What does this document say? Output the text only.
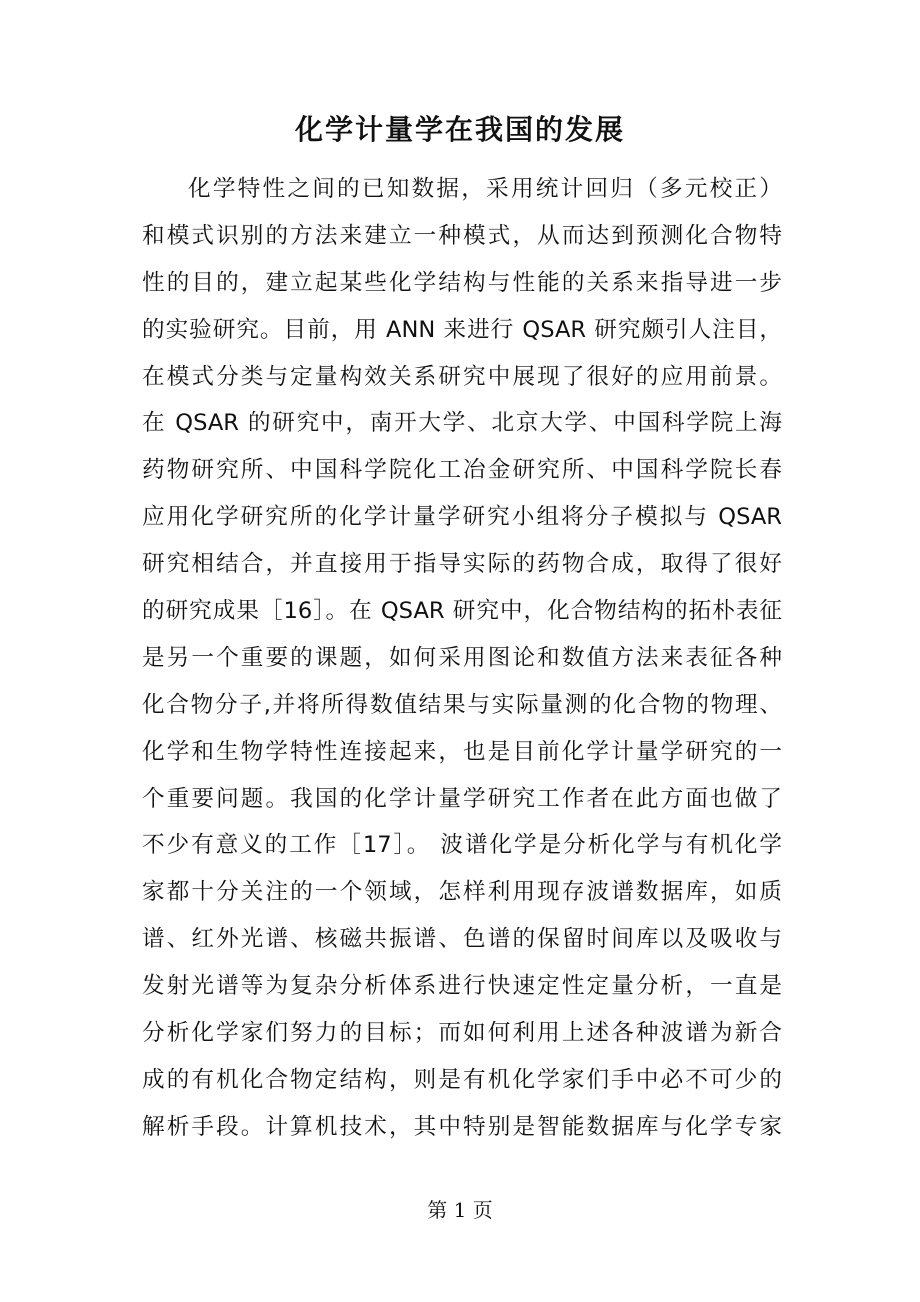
化学计量学在我国的发展
化学特性之间的已知数据，采用统计回归（多元校正）
和模式识别的方法来建立一种模式，从而达到预测化合物特
性的目的，建立起某些化学结构与性能的关系来指导进一步
的实验研究。目前，用 ANN 来进行 QSAR 研究颇引人注目，
在模式分类与定量构效关系研究中展现了很好的应用前景。
在 QSAR 的研究中，南开大学、北京大学、中国科学院上海
药物研究所、中国科学院化工冶金研究所、中国科学院长春
应用化学研究所的化学计量学研究小组将分子模拟与 QSAR
研究相结合，并直接用于指导实际的药物合成，取得了很好
的研究成果［16］。在 QSAR 研究中，化合物结构的拓朴表征
是另一个重要的课题，如何采用图论和数值方法来表征各种
化合物分子,并将所得数值结果与实际量测的化合物的物理、
化学和生物学特性连接起来，也是目前化学计量学研究的一
个重要问题。我国的化学计量学研究工作者在此方面也做了
不少有意义的工作［17］。 波谱化学是分析化学与有机化学
家都十分关注的一个领域，怎样利用现存波谱数据库，如质
谱、红外光谱、核磁共振谱、色谱的保留时间库以及吸收与
发射光谱等为复杂分析体系进行快速定性定量分析，一直是
分析化学家们努力的目标；而如何利用上述各种波谱为新合
成的有机化合物定结构，则是有机化学家们手中必不可少的
解析手段。计算机技术，其中特别是智能数据库与化学专家
第 1 页
